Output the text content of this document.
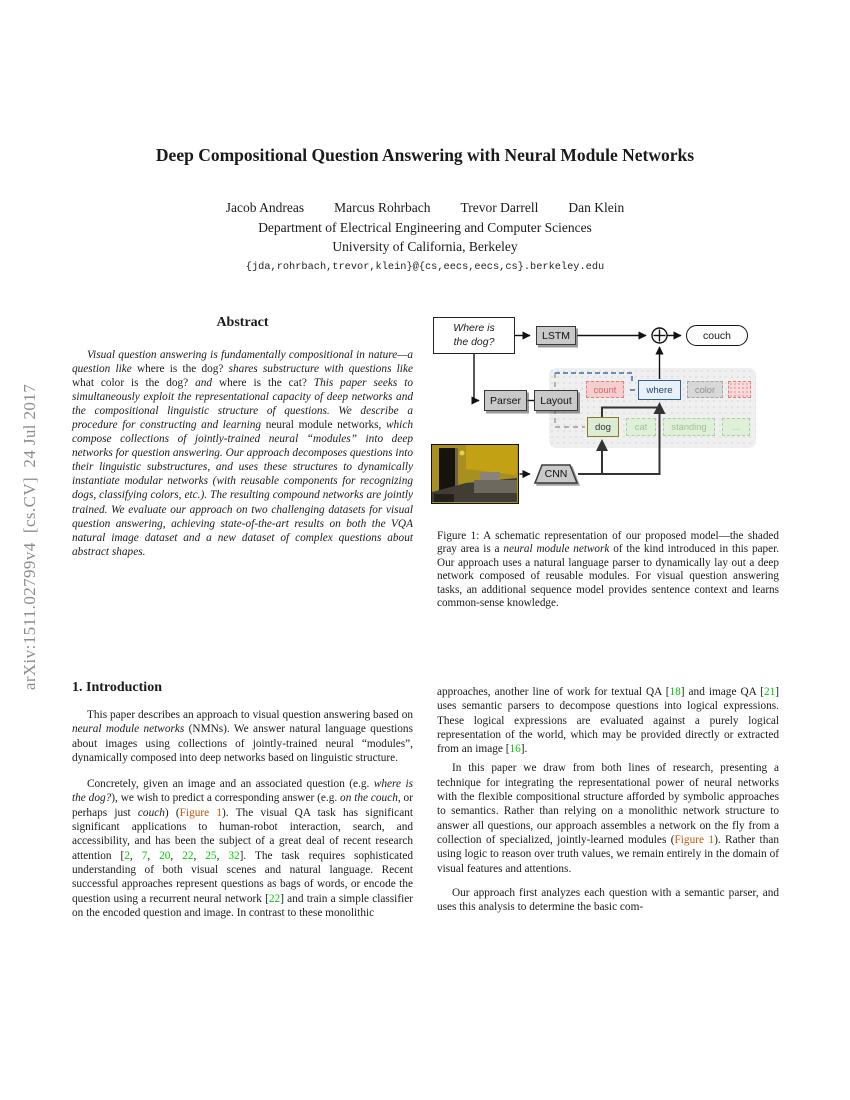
arXiv:1511.02799v4  [cs.CV]  24 Jul 2017
Deep Compositional Question Answering with Neural Module Networks
Jacob Andreas Marcus Rohrbach Trevor Darrell Dan Klein
Department of Electrical Engineering and Computer Sciences
University of California, Berkeley
{jda,rohrbach,trevor,klein}@{cs,eecs,eecs,cs}.berkeley.edu
Abstract
Visual question answering is fundamentally compositional in nature—a question like where is the dog? shares substructure with questions like what color is the dog? and where is the cat? This paper seeks to simultaneously exploit the representational capacity of deep networks and the compositional linguistic structure of questions. We describe a procedure for constructing and learning neural module networks, which compose collections of jointly-trained neural “modules” into deep networks for question answering. Our approach decomposes questions into their linguistic substructures, and uses these structures to dynamically instantiate modular networks (with reusable components for recognizing dogs, classifying colors, etc.). The resulting compound networks are jointly trained. We evaluate our approach on two challenging datasets for visual question answering, achieving state-of-the-art results on both the VQA natural image dataset and a new dataset of complex questions about abstract shapes.
1. Introduction

This paper describes an approach to visual question answering based on neural module networks (NMNs). We answer natural language questions about images using collections of jointly-trained neural “modules”, dynamically composed into deep networks based on linguistic structure.

Concretely, given an image and an associated question (e.g. where is the dog?), we wish to predict a corresponding answer (e.g. on the couch, or perhaps just couch) (Figure 1). The visual QA task has significant significant applications to human-robot interaction, search, and accessibility, and has been the subject of a great deal of recent research attention [2, 7, 20, 22, 25, 32]. The task requires sophisticated understanding of both visual scenes and natural language. Recent successful approaches represent questions as bags of words, or encode the question using a recurrent neural network [22] and train a simple classifier on the encoded question and image. In contrast to these monolithic

Where is
the dog?	LSTM
Parser	Layout
couch
count	where	color
dog	cat	standing	...
CNN
Figure 1: A schematic representation of our proposed model—the shaded gray area is a neural module network of the kind introduced in this paper. Our approach uses a natural language parser to dynamically lay out a deep network composed of reusable modules. For visual question answering tasks, an additional sequence model provides sentence context and learns common-sense knowledge.

approaches, another line of work for textual QA [18] and image QA [21] uses semantic parsers to decompose questions into logical expressions. These logical expressions are evaluated against a purely logical representation of the world, which may be provided directly or extracted from an image [16].

In this paper we draw from both lines of research, presenting a technique for integrating the representational power of neural networks with the flexible compositional structure afforded by symbolic approaches to semantics. Rather than relying on a monolithic network structure to answer all questions, our approach assembles a network on the fly from a collection of specialized, jointly-learned modules (Figure 1). Rather than using logic to reason over truth values, we remain entirely in the domain of visual features and attentions.

Our approach first analyzes each question with a semantic parser, and uses this analysis to determine the basic com-
